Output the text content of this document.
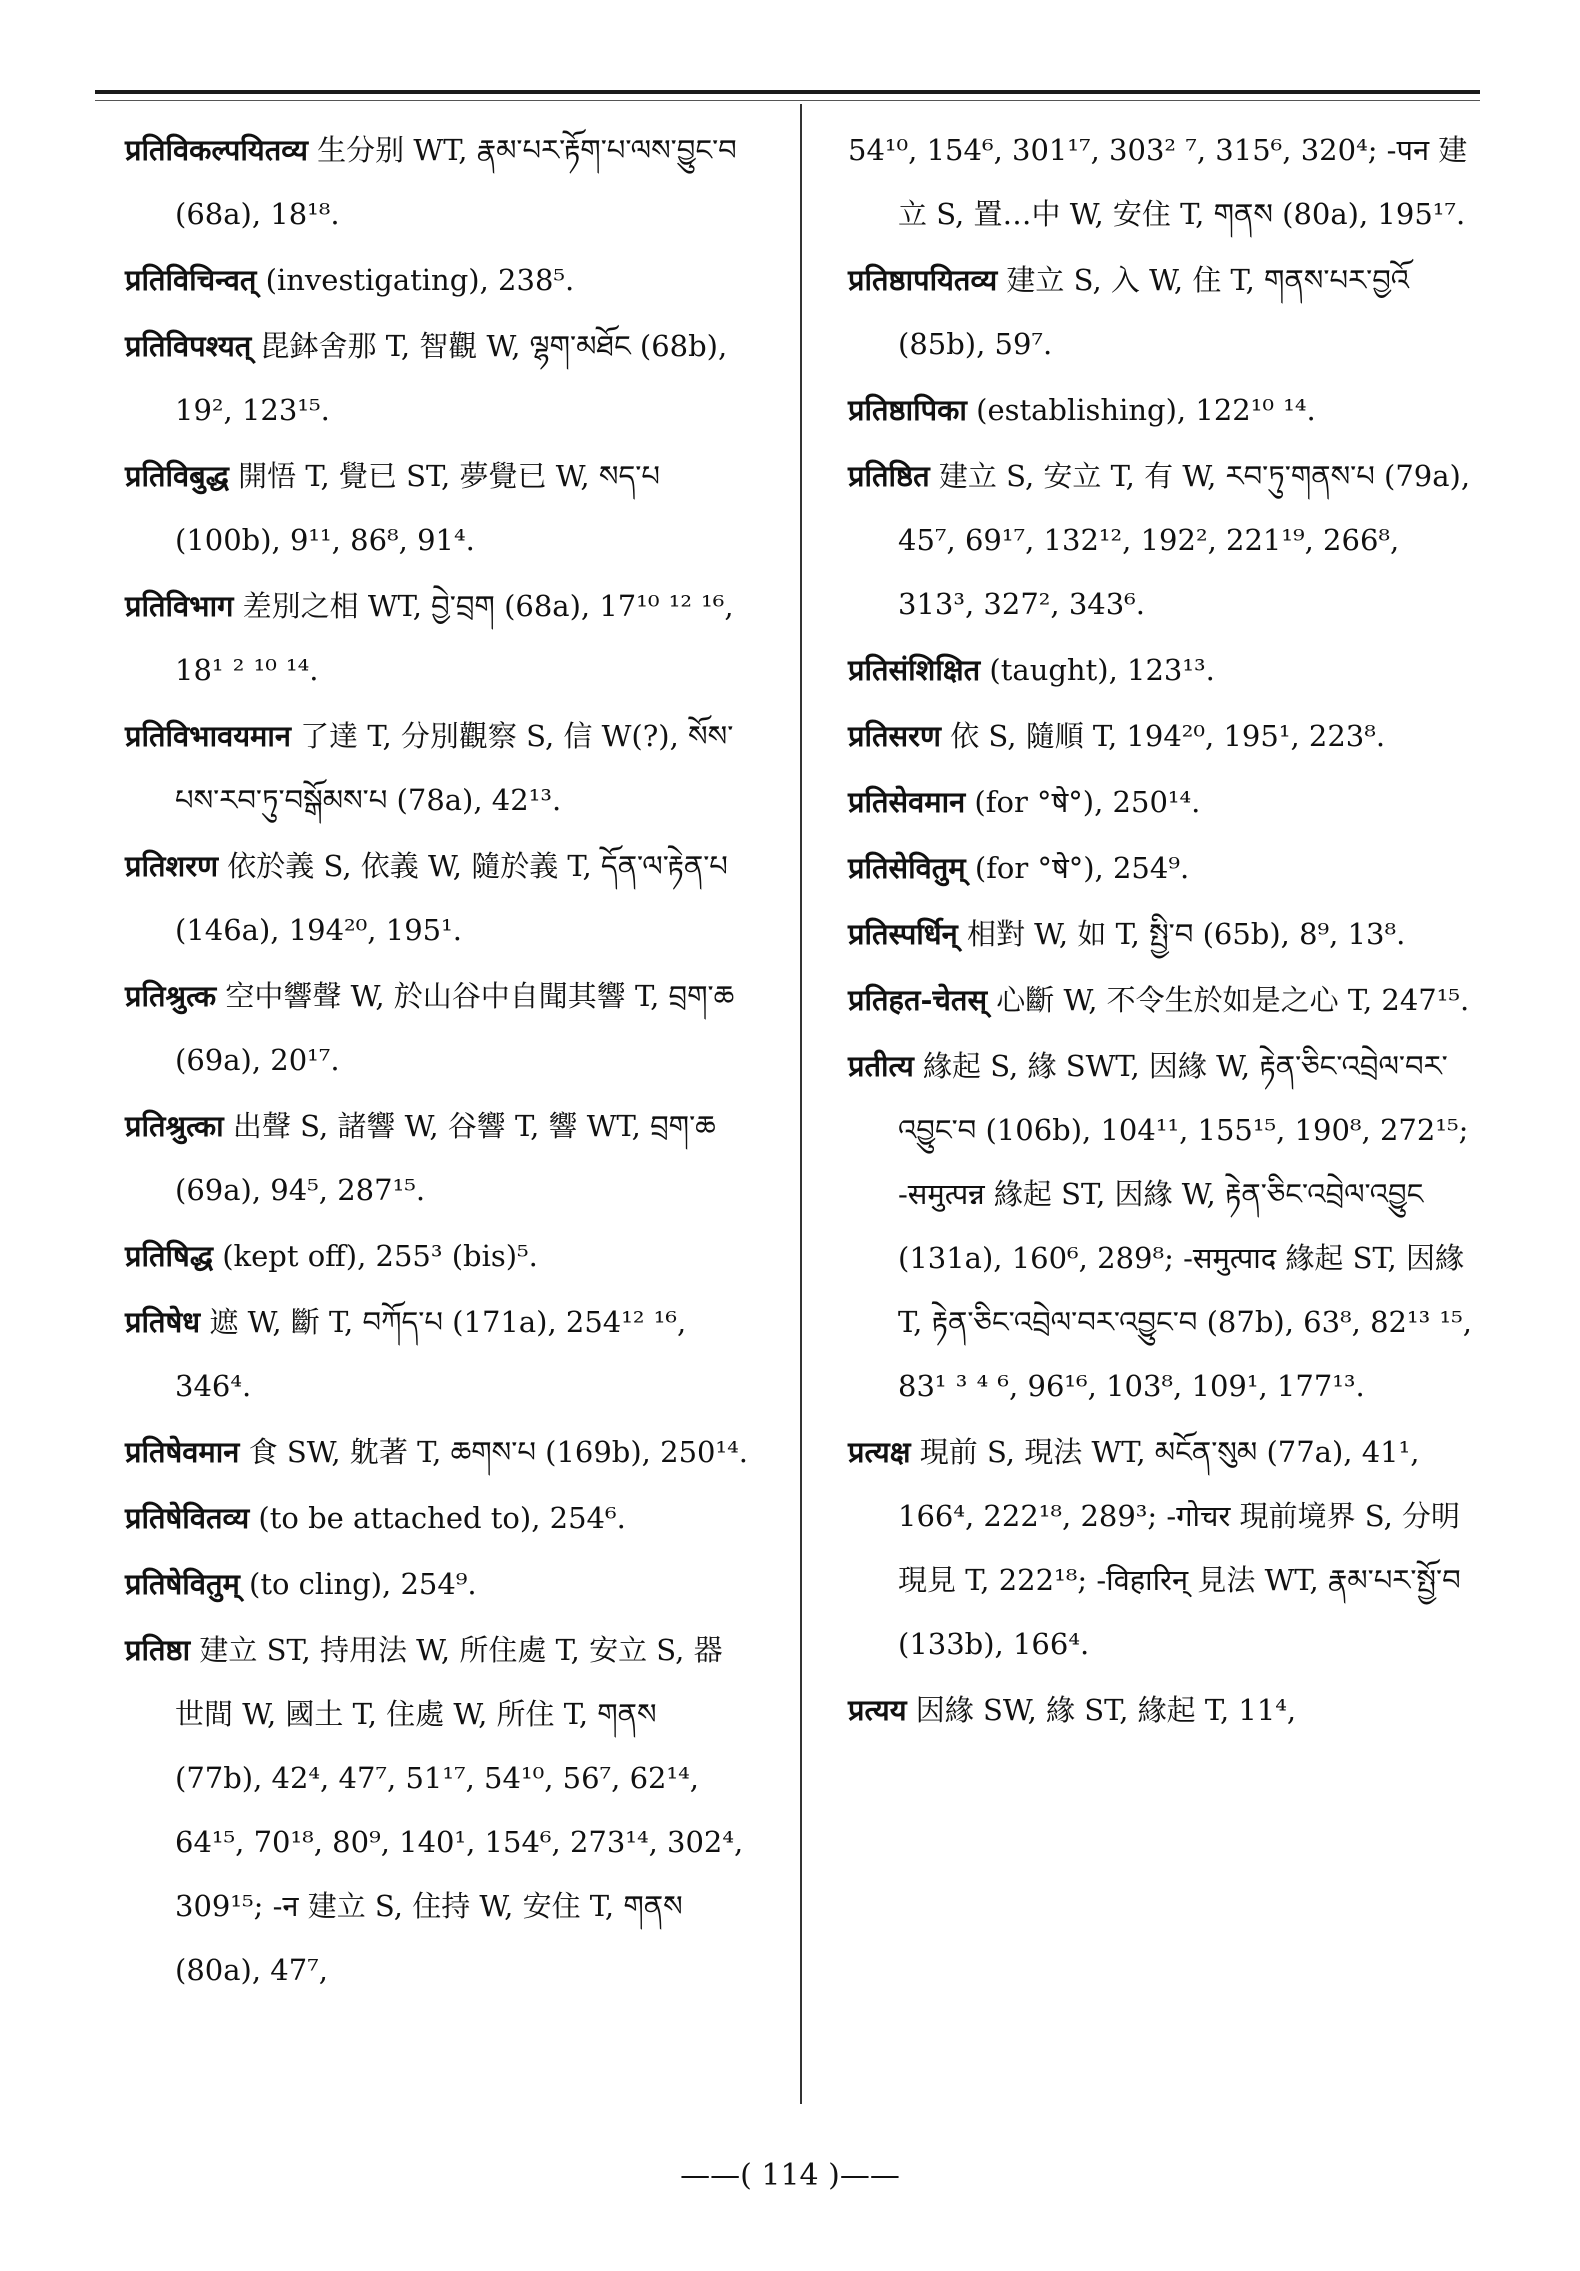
प्रतिविकल्पयितव्य 生分别 WT, རྣམ་པར་རྟོག་པ་ལས་བྱུང་བ (68a), 18¹⁸.
प्रतिविचिन्वत् (investigating), 238⁵.
प्रतिविपश्यत् 毘鉢舍那 T, 智觀 W, ལྷག་མཐོང (68b), 19², 123¹⁵.
प्रतिविबुद्ध 開悟 T, 覺已 ST, 夢覺已 W, སད་པ (100b), 9¹¹, 86⁸, 91⁴.
प्रतिविभाग 差別之相 WT, བྱེ་བྲག (68a), 17¹⁰ ¹² ¹⁶, 18¹ ² ¹⁰ ¹⁴.
प्रतिविभावयमान 了達 T, 分別觀察 S, 信 W(?), སོས་པས་རབ་ཏུ་བསྒོམས་པ (78a), 42¹³.
प्रतिशरण 依於義 S, 依義 W, 隨於義 T, དོན་ལ་རྟེན་པ (146a), 194²⁰, 195¹.
प्रतिश्रुत्क 空中響聲 W, 於山谷中自聞其響 T, བྲག་ཆ (69a), 20¹⁷.
प्रतिश्रुत्का 出聲 S, 諸響 W, 谷響 T, 響 WT, བྲག་ཆ (69a), 94⁵, 287¹⁵.
प्रतिषिद्ध (kept off), 255³ (bis)⁵.
प्रतिषेध 遮 W, 斷 T, བཀོད་པ (171a), 254¹² ¹⁶, 346⁴.
प्रतिषेवमान 食 SW, 躭著 T, ཆགས་པ (169b), 250¹⁴.
प्रतिषेवितव्य (to be attached to), 254⁶.
प्रतिषेवितुम् (to cling), 254⁹.
प्रतिष्ठा 建立 ST, 持用法 W, 所住處 T, 安立 S, 器世間 W, 國土 T, 住處 W, 所住 T, གནས (77b), 42⁴, 47⁷, 51¹⁷, 54¹⁰, 56⁷, 62¹⁴, 64¹⁵, 70¹⁸, 80⁹, 140¹, 154⁶, 273¹⁴, 302⁴, 309¹⁵; -न 建立 S, 住持 W, 安住 T, གནས (80a), 47⁷,
54¹⁰, 154⁶, 301¹⁷, 303² ⁷, 315⁶, 320⁴; -पन 建立 S, 置…中 W, 安住 T, གནས (80a), 195¹⁷.
प्रतिष्ठापयितव्य 建立 S, 入 W, 住 T, གནས་པར་བྱའོ (85b), 59⁷.
प्रतिष्ठापिका (establishing), 122¹⁰ ¹⁴.
प्रतिष्ठित 建立 S, 安立 T, 有 W, རབ་ཏུ་གནས་པ (79a), 45⁷, 69¹⁷, 132¹², 192², 221¹⁹, 266⁸, 313³, 327², 343⁶.
प्रतिसंशिक्षित (taught), 123¹³.
प्रतिसरण 依 S, 隨順 T, 194²⁰, 195¹, 223⁸.
प्रतिसेवमान (for °षे°), 250¹⁴.
प्रतिसेवितुम् (for °षे°), 254⁹.
प्रतिस्पर्धिन् 相對 W, 如 T, སྤྱི་བ (65b), 8⁹, 13⁸.
प्रतिहत-चेतस् 心斷 W, 不令生於如是之心 T, 247¹⁵.
प्रतीत्य 緣起 S, 緣 SWT, 因緣 W, རྟེན་ཅིང་འབྲེལ་བར་འབྱུང་བ (106b), 104¹¹, 155¹⁵, 190⁸, 272¹⁵; -समुत्पन्न 緣起 ST, 因緣 W, རྟེན་ཅིང་འབྲེལ་འབྱུང (131a), 160⁶, 289⁸; -समुत्पाद 緣起 ST, 因緣 T, རྟེན་ཅིང་འབྲེལ་བར་འབྱུང་བ (87b), 63⁸, 82¹³ ¹⁵, 83¹ ³ ⁴ ⁶, 96¹⁶, 103⁸, 109¹, 177¹³.
प्रत्यक्ष 現前 S, 現法 WT, མངོན་སུམ (77a), 41¹, 166⁴, 222¹⁸, 289³; -गोचर 現前境界 S, 分明現見 T, 222¹⁸; -विहारिन् 見法 WT, རྣམ་པར་སྤྱོ་བ (133b), 166⁴.
प्रत्यय 因緣 SW, 緣 ST, 緣起 T, 11⁴,
——( 114 )——
